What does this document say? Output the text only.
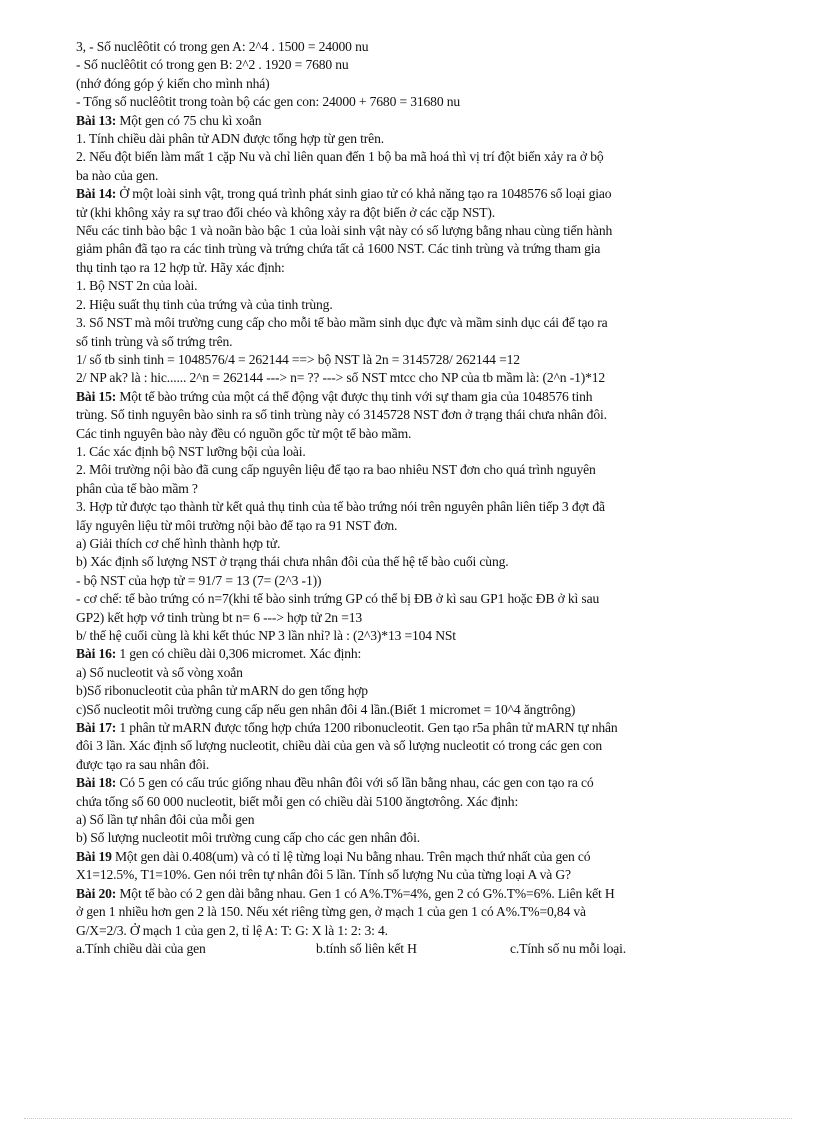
3, - Số nuclêôtit có trong gen A: 2^4 . 1500 = 24000 nu
- Số nuclêôtit có trong gen B: 2^2 . 1920 = 7680 nu
(nhớ đóng góp ý kiến cho mình nhá)
- Tổng số nuclêôtit trong toàn bộ các gen con: 24000 + 7680 = 31680 nu
Bài 13: Một gen có 75 chu kì xoắn
1. Tính chiều dài phân tử ADN được tổng hợp từ gen trên.
2. Nếu đột biến làm mất 1 cặp Nu và chỉ liên quan đến 1 bộ ba mã hoá thì vị trí đột biến xảy ra ở bộ
ba nào của gen.
Bài 14: Ở một loài sinh vật, trong quá trình phát sinh giao tử có khả năng tạo ra 1048576 số loại giao
tử (khi không xảy ra sự trao đổi chéo và không xảy ra đột biến ở các cặp NST).
Nếu các tinh bào bậc 1 và noãn bào bậc 1 của loài sinh vật này có số lượng bằng nhau cùng tiến hành
giảm phân đã tạo ra các tinh trùng và trứng chứa tất cả 1600 NST. Các tinh trùng và trứng tham gia
thụ tinh tạo ra 12 hợp tử. Hãy xác định:
1. Bộ NST 2n của loài.
2. Hiệu suất thụ tinh của trứng và của tinh trùng.
3. Số NST mà môi trường cung cấp cho mỗi tế bào mầm sinh dục đực và mầm sinh dục cái để tạo ra
số tinh trùng và số trứng trên.
1/ số tb sinh tinh = 1048576/4 = 262144 ==> bộ NST là 2n = 3145728/ 262144 =12
2/ NP ak? là : hic...... 2^n = 262144 ---> n= ?? ---> số NST mtcc cho NP của tb mầm là: (2^n -1)*12
Bài 15: Một tế bào trứng của một cá thể động vật được thụ tinh với sự tham gia của 1048576 tinh
trùng. Số tinh nguyên bào sinh ra số tinh trùng này có 3145728 NST đơn ở trạng thái chưa nhân đôi.
Các tinh nguyên bào này đều có nguồn gốc từ một tế bào mầm.
1. Các xác định bộ NST lưỡng bội của loài.
2. Môi trường nội bào đã cung cấp nguyên liệu để tạo ra bao nhiêu NST đơn cho quá trình nguyên
phân của tế bào mầm ?
3. Hợp tử được tạo thành từ kết quả thụ tinh của tế bào trứng nói trên nguyên phân liên tiếp 3 đợt đã
lấy nguyên liệu từ môi trường nội bào để tạo ra 91 NST đơn.
a) Giải thích cơ chế hình thành hợp tử.
b) Xác định số lượng NST ở trạng thái chưa nhân đôi của thế hệ tế bào cuối cùng.
- bộ NST của hợp tử = 91/7 = 13 (7= (2^3 -1))
- cơ chế: tế bào trứng có n=7(khi tế bào sinh trứng GP có thể bị ĐB ở kì sau GP1 hoặc ĐB ở kì sau
GP2) kết hợp vớ tinh trùng bt n= 6 ---> hợp tử 2n =13
b/ thế hệ cuối cùng là khi kết thúc NP 3 lần nhỉ? là : (2^3)*13 =104 NSt
Bài 16: 1 gen có chiều dài 0,306 micromet. Xác định:
a) Số nucleotit và số vòng xoắn
b)Số ribonucleotit của phân tử mARN do gen tổng hợp
c)Số nucleotit môi trường cung cấp nếu gen nhân đôi 4 lần.(Biết 1 micromet = 10^4 ăngtrông)
Bài 17: 1 phân tử mARN được tổng hợp chứa 1200 ribonucleotit. Gen tạo r5a phân tử mARN tự nhân
đôi 3 lần. Xác định số lượng nucleotit, chiều dài của gen và số lượng nucleotit có trong các gen con
được tạo ra sau nhân đôi.
Bài 18: Có 5 gen có cấu trúc giống nhau đều nhân đôi với số lần bằng nhau, các gen con tạo ra có
chứa tổng số 60 000 nucleotit, biết mỗi gen có chiều dài 5100 ăngtơrông. Xác định:
a) Số lần tự nhân đôi của mỗi gen
b) Số lượng nucleotit môi trường cung cấp cho các gen nhân đôi.
Bài 19 Một gen dài 0.408(um) và có tỉ lệ từng loại Nu bằng nhau. Trên mạch thứ nhất của gen có
X1=12.5%, T1=10%. Gen nói trên tự nhân đôi 5 lần. Tính số lượng Nu của từng loại A và G?
Bài 20: Một tế bào có 2 gen dài bằng nhau. Gen 1 có A%.T%=4%, gen 2 có G%.T%=6%. Liên kết H
ở gen 1 nhiều hơn gen 2 là 150. Nếu xét riêng từng gen, ở mạch 1 của gen 1 có A%.T%=0,84 và
G/X=2/3. Ở mạch 1 của gen 2, tỉ lệ A: T: G: X là 1: 2: 3: 4.
a.Tính chiều dài của gen	b.tính số liên kết H	c.Tính số nu mỗi loại.
